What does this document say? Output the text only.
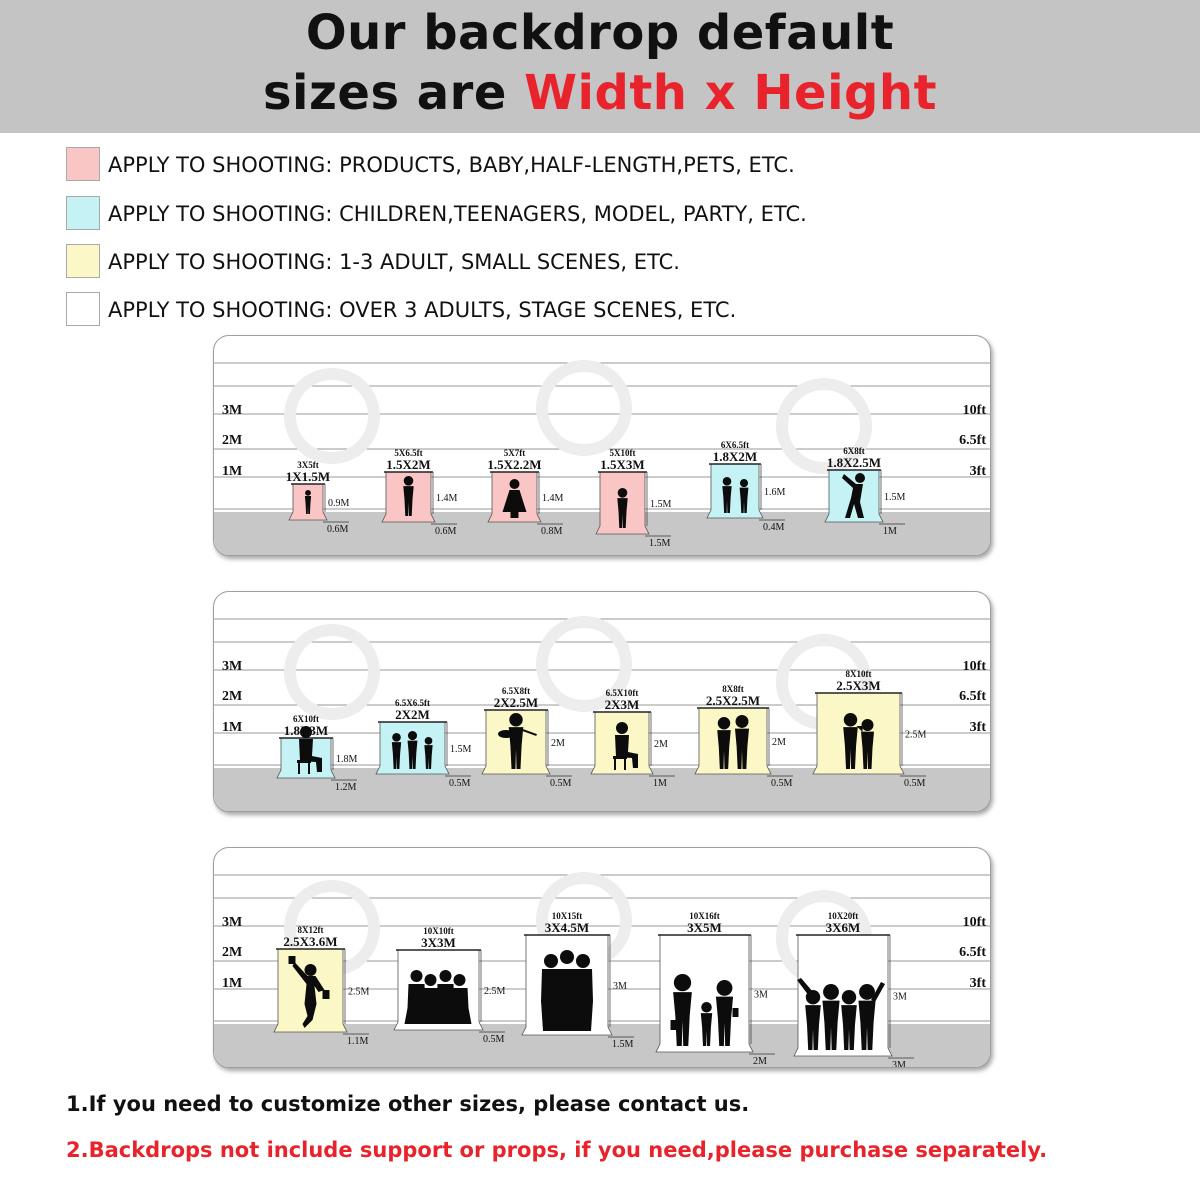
Our backdrop default
sizes are Width x Height
APPLY TO SHOOTING: PRODUCTS, BABY,HALF-LENGTH,PETS, ETC.
APPLY TO SHOOTING: CHILDREN,TEENAGERS, MODEL, PARTY, ETC.
APPLY TO SHOOTING: 1-3 ADULT, SMALL SCENES, ETC.
APPLY TO SHOOTING: OVER 3 ADULTS, STAGE SCENES, ETC.
3M
2M
1M
10ft
6.5ft
3ft
3X5ft
1X1.5M
0.9M
0.6M
5X6.5ft
1.5X2M
1.4M
0.6M
5X7ft
1.5X2.2M
1.4M
0.8M
5X10ft
1.5X3M
1.5M
1.5M
6X6.5ft
1.8X2M
1.6M
0.4M
6X8ft
1.8X2.5M
1.5M
1M
3M
2M
1M
10ft
6.5ft
3ft
6X10ft
1.8X3M
1.8M
1.2M
6.5X6.5ft
2X2M
1.5M
0.5M
6.5X8ft
2X2.5M
2M
0.5M
6.5X10ft
2X3M
2M
1M
8X8ft
2.5X2.5M
2M
0.5M
8X10ft
2.5X3M
2.5M
0.5M
3M
2M
1M
10ft
6.5ft
3ft
8X12ft
2.5X3.6M
2.5M
1.1M
10X10ft
3X3M
2.5M
0.5M
10X15ft
3X4.5M
3M
1.5M
10X16ft
3X5M
3M
2M
10X20ft
3X6M
3M
3M
1.If you need to customize other sizes, please contact us.
2.Backdrops not include support or props, if you need,please purchase separately.
